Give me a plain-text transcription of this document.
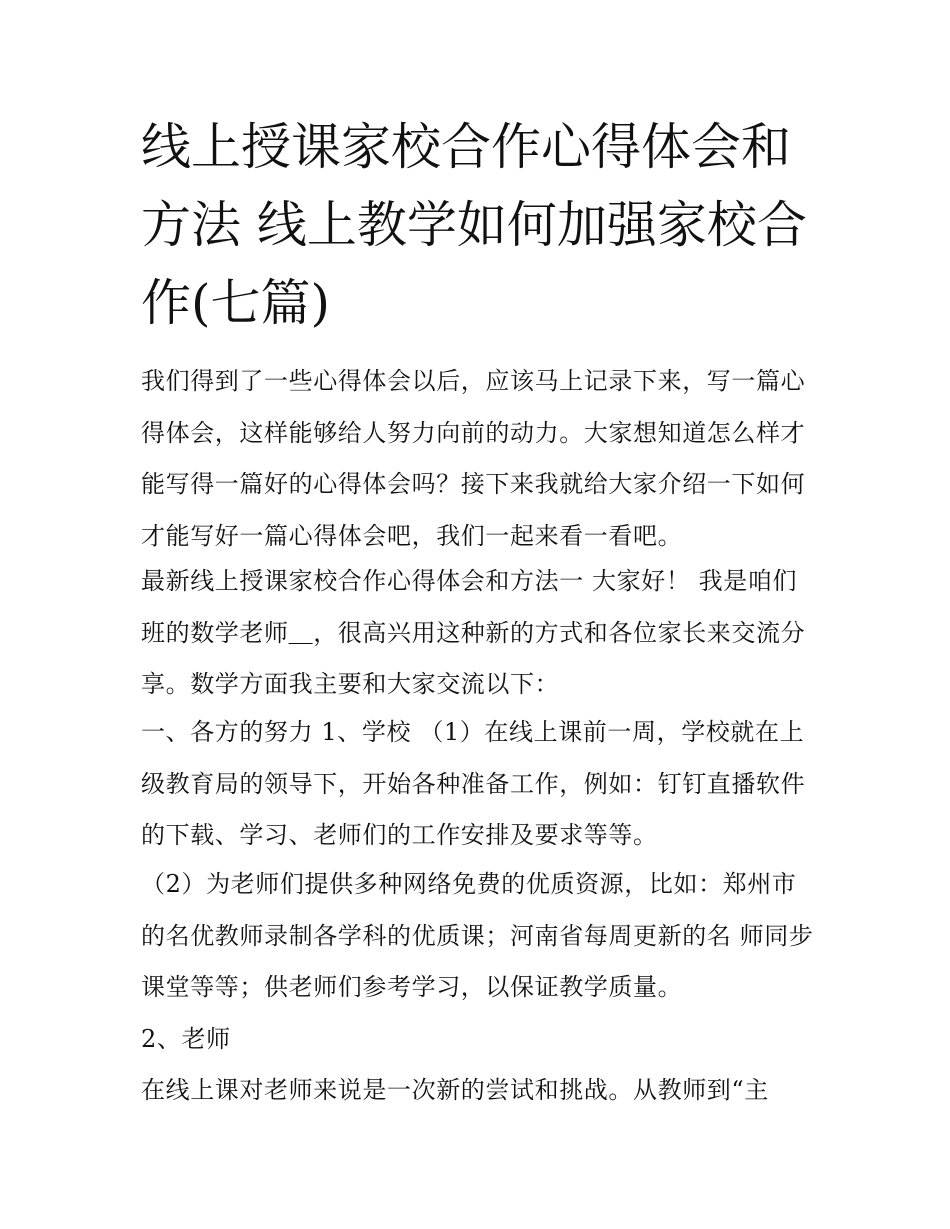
线上授课家校合作心得体会和方法 线上教学如何加强家校合作(七篇)

我们得到了一些心得体会以后，应该马上记录下来，写一篇心得体会，这样能够给人努力向前的动力。大家想知道怎么样才能写得一篇好的心得体会吗？接下来我就给大家介绍一下如何才能写好一篇心得体会吧，我们一起来看一看吧。

最新线上授课家校合作心得体会和方法一 大家好！ 我是咱们班的数学老师＿，很高兴用这种新的方式和各位家长来交流分享。数学方面我主要和大家交流以下：

一、各方的努力 1、学校 （1）在线上课前一周，学校就在上级教育局的领导下，开始各种准备工作，例如：钉钉直播软件的下载、学习、老师们的工作安排及要求等等。

（2）为老师们提供多种网络免费的优质资源，比如：郑州市的名优教师录制各学科的优质课；河南省每周更新的名 师同步课堂等等；供老师们参考学习，以保证教学质量。

2、老师

在线上课对老师来说是一次新的尝试和挑战。从教师到“主
